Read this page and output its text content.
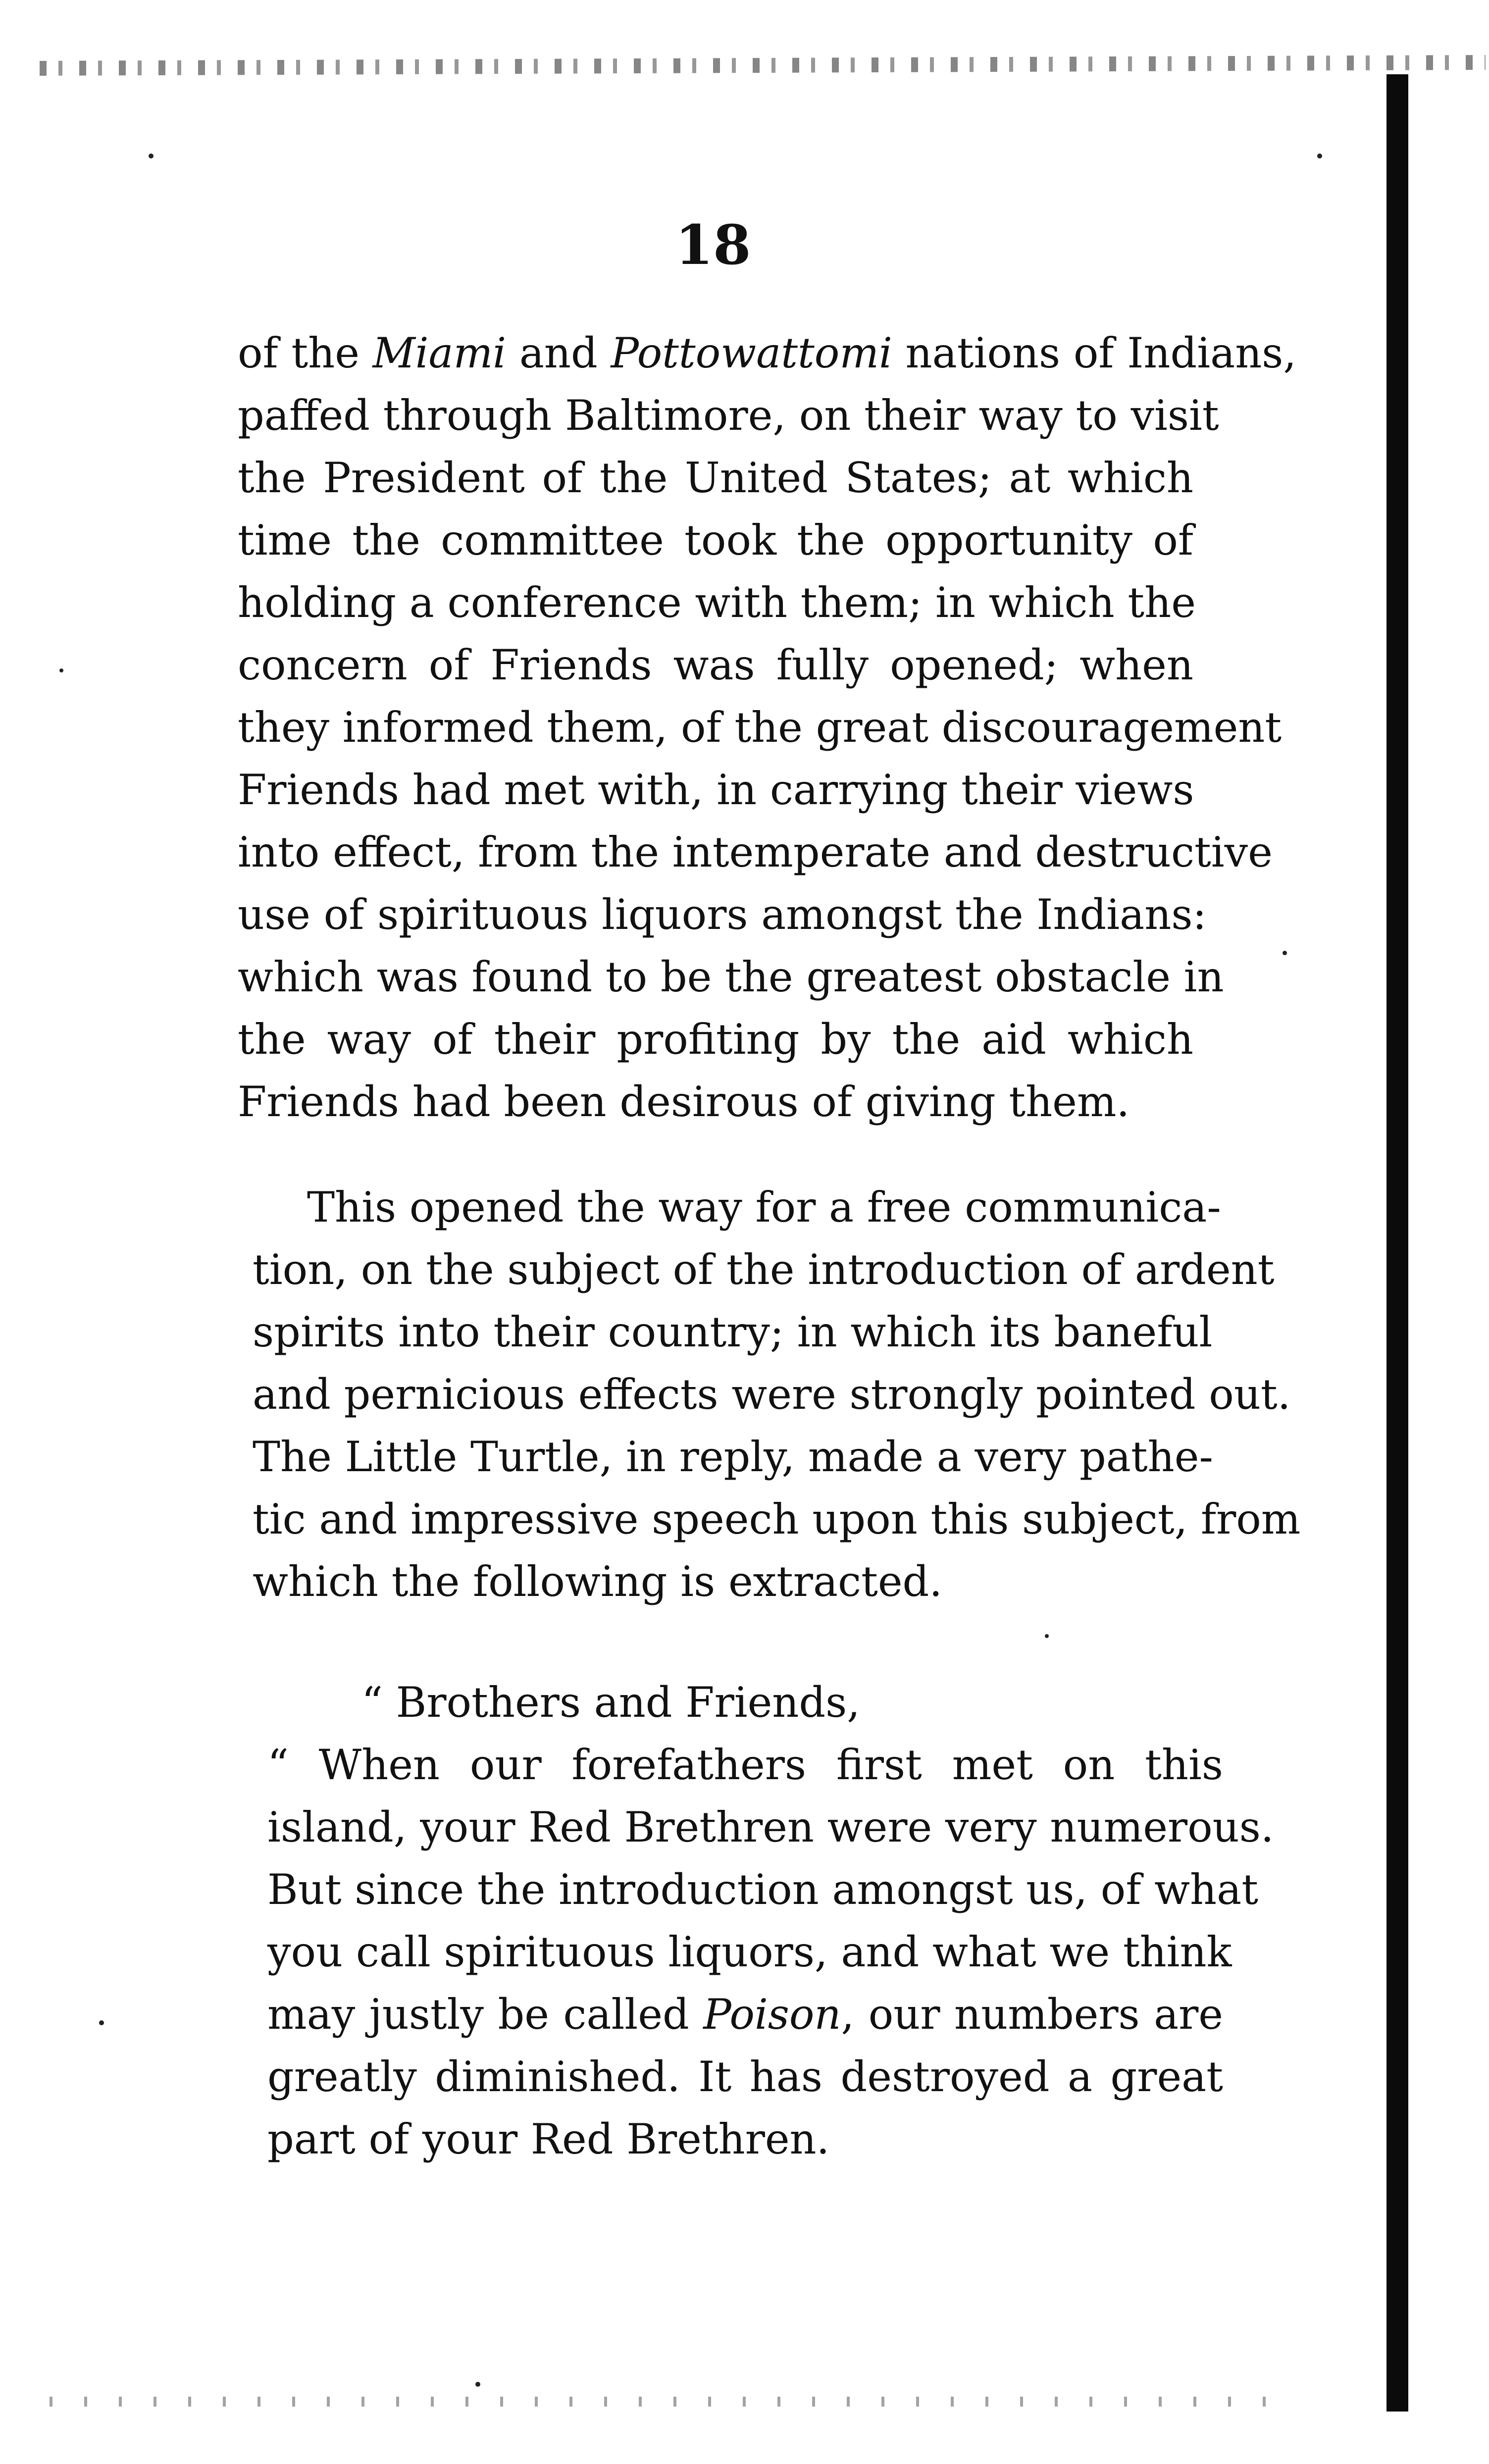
18
of the Miami and Pottowattomi nations of Indians,
paffed through Baltimore, on their way to visit
the President of the United States; at which
time the committee took the opportunity of
holding a conference with them; in which the
concern of Friends was fully opened; when
they informed them, of the great discouragement
Friends had met with, in carrying their views
into effect, from the intemperate and destructive
use of spirituous liquors amongst the Indians:
which was found to be the greatest obstacle in
the way of their profiting by the aid which
Friends had been desirous of giving them.
This opened the way for a free communica-
tion, on the subject of the introduction of ardent
spirits into their country; in which its baneful
and pernicious effects were strongly pointed out.
The Little Turtle, in reply, made a very pathe-
tic and impressive speech upon this subject, from
which the following is extracted.
“ Brothers and Friends,
“ When our forefathers first met on this
island, your Red Brethren were very numerous.
But since the introduction amongst us, of what
you call spirituous liquors, and what we think
may justly be called Poison, our numbers are
greatly diminished. It has destroyed a great
part of your Red Brethren.
